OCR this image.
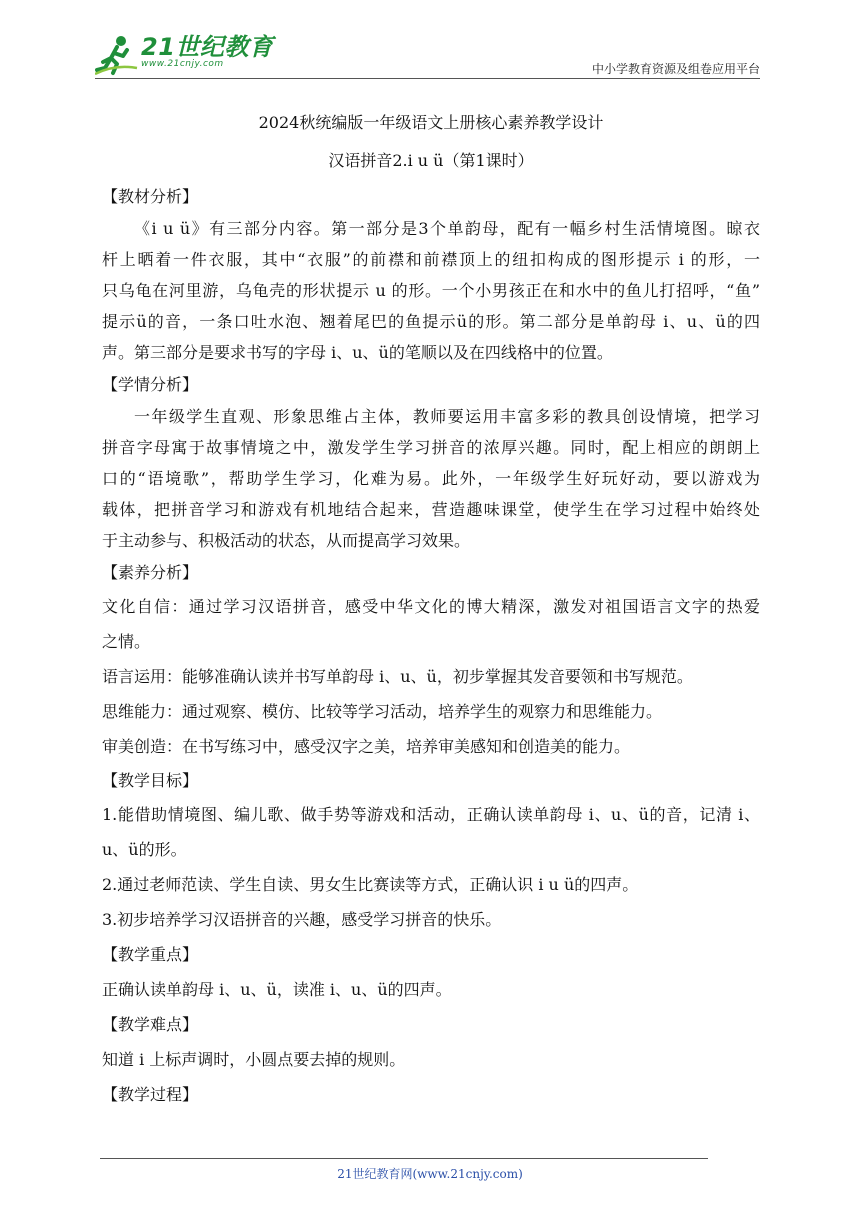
21世纪教育
www.21cnjy.com	中小学教育资源及组卷应用平台
2024秋统编版一年级语文上册核心素养教学设计
汉语拼音2.i u ü（第1课时）
【教材分析】
《i u ü》有三部分内容。第一部分是3个单韵母，配有一幅乡村生活情境图。晾衣
杆上晒着一件衣服，其中“衣服”的前襟和前襟顶上的纽扣构成的图形提示 i 的形，一
只乌龟在河里游，乌龟壳的形状提示 u 的形。一个小男孩正在和水中的鱼儿打招呼，“鱼”
提示ü的音，一条口吐水泡、翘着尾巴的鱼提示ü的形。第二部分是单韵母 i、u、ü的四
声。第三部分是要求书写的字母 i、u、ü的笔顺以及在四线格中的位置。
【学情分析】
一年级学生直观、形象思维占主体，教师要运用丰富多彩的教具创设情境，把学习
拼音字母寓于故事情境之中，激发学生学习拼音的浓厚兴趣。同时，配上相应的朗朗上
口的“语境歌”，帮助学生学习，化难为易。此外，一年级学生好玩好动，要以游戏为
载体，把拼音学习和游戏有机地结合起来，营造趣味课堂，使学生在学习过程中始终处
于主动参与、积极活动的状态，从而提高学习效果。
【素养分析】
文化自信：通过学习汉语拼音，感受中华文化的博大精深，激发对祖国语言文字的热爱
之情。
语言运用：能够准确认读并书写单韵母 i、u、ü，初步掌握其发音要领和书写规范。
思维能力：通过观察、模仿、比较等学习活动，培养学生的观察力和思维能力。
审美创造：在书写练习中，感受汉字之美，培养审美感知和创造美的能力。
【教学目标】
1.能借助情境图、编儿歌、做手势等游戏和活动，正确认读单韵母 i、u、ü的音，记清 i、
u、ü的形。
2.通过老师范读、学生自读、男女生比赛读等方式，正确认识 i u ü的四声。
3.初步培养学习汉语拼音的兴趣，感受学习拼音的快乐。
【教学重点】
正确认读单韵母 i、u、ü，读准 i、u、ü的四声。
【教学难点】
知道 i 上标声调时，小圆点要去掉的规则。
【教学过程】
21世纪教育网(www.21cnjy.com)
